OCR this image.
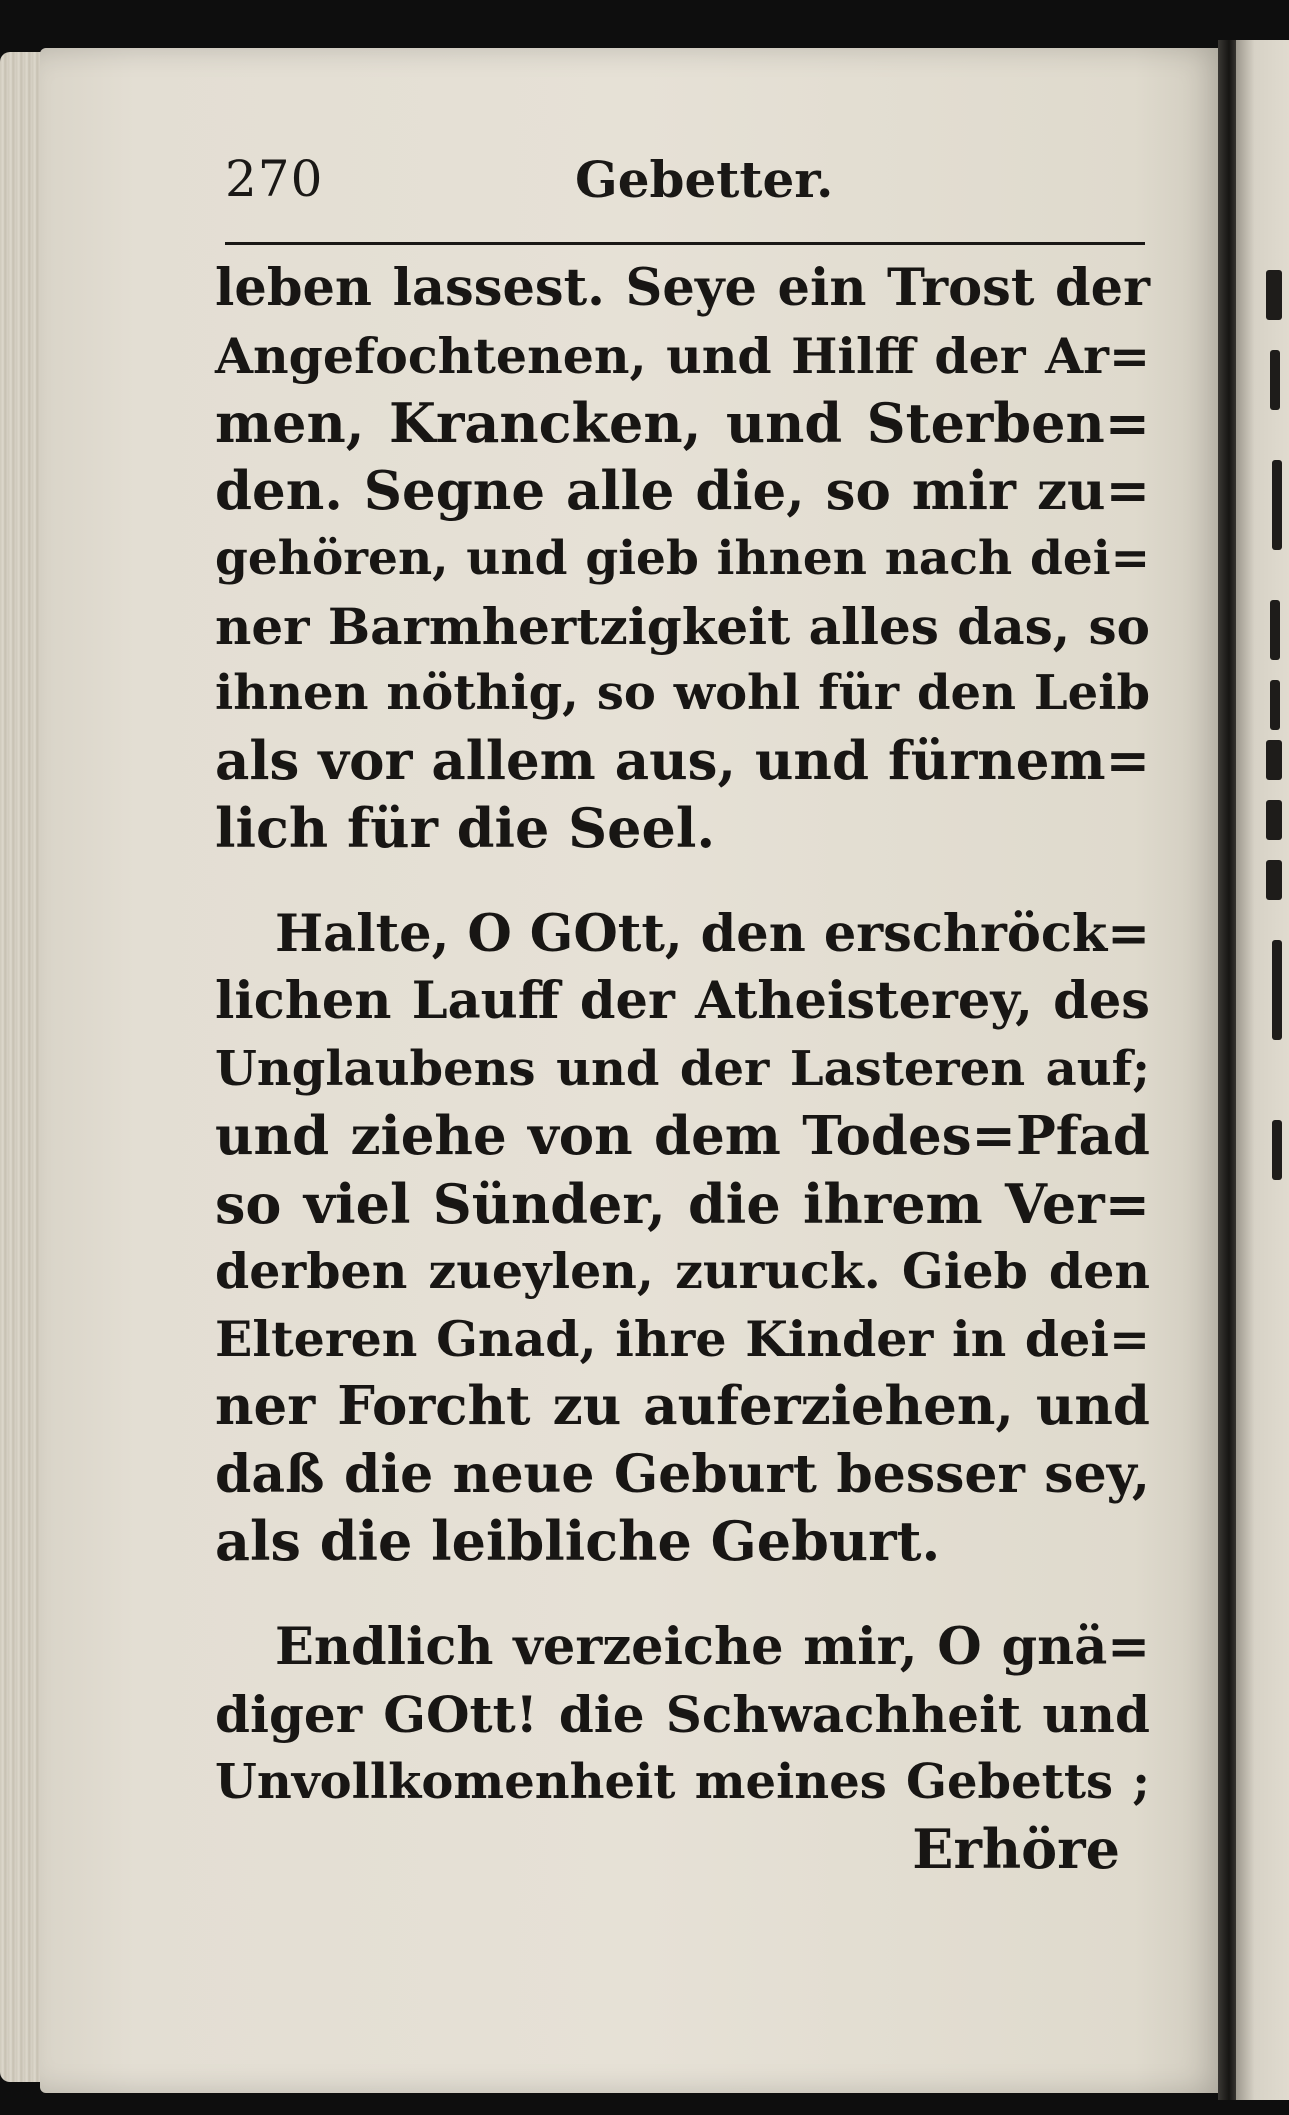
270	Gebetter.
leben lassest. Seye ein Trost der
Angefochtenen, und Hilff der Ar=
men, Krancken, und Sterben=
den. Segne alle die, so mir zu=
gehören, und gieb ihnen nach dei=
ner Barmhertzigkeit alles das, so
ihnen nöthig, so wohl für den Leib
als vor allem aus, und fürnem=
lich für die Seel.
Halte, O GOtt, den erschröck=
lichen Lauff der Atheisterey, des
Unglaubens und der Lasteren auf;
und ziehe von dem Todes=Pfad
so viel Sünder, die ihrem Ver=
derben zueylen, zuruck. Gieb den
Elteren Gnad, ihre Kinder in dei=
ner Forcht zu auferziehen, und
daß die neue Geburt besser sey,
als die leibliche Geburt.
Endlich verzeiche mir, O gnä=
diger GOtt! die Schwachheit und
Unvollkomenheit meines Gebetts ;
Erhöre
